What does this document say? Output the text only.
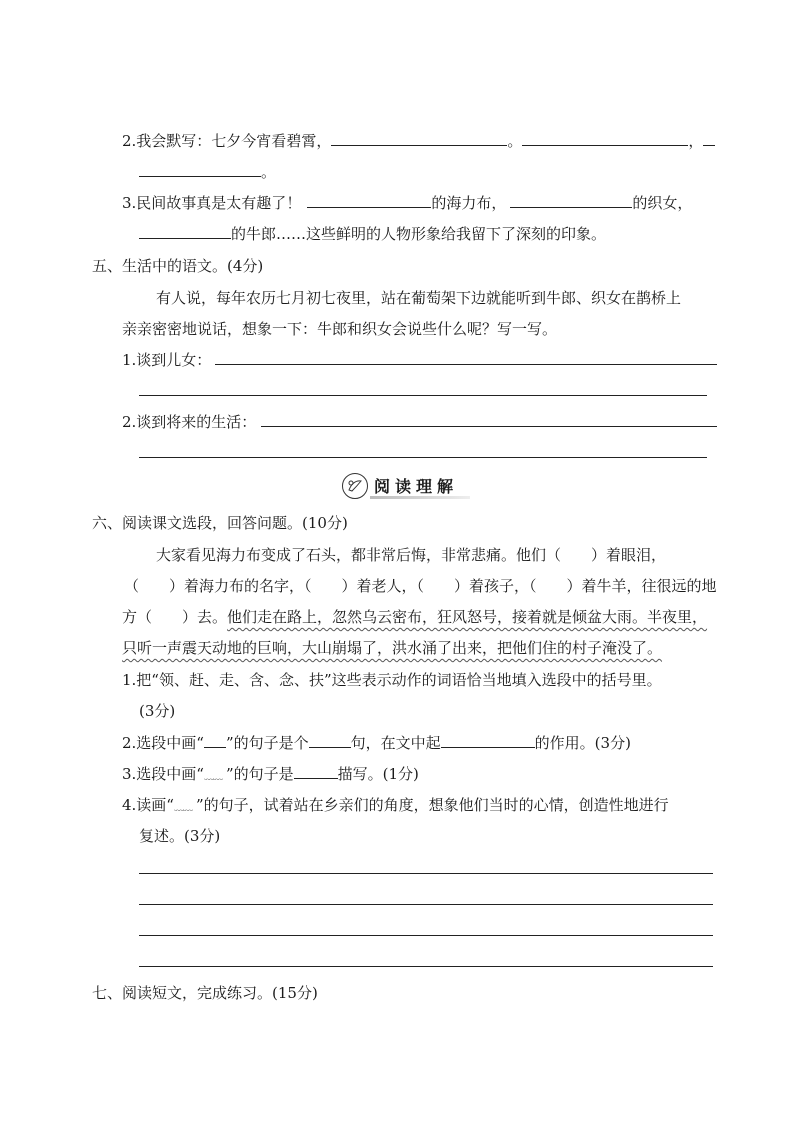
2.我会默写：七夕今宵看碧霄，	。	，
。
3.民间故事真是太有趣了！	的海力布，	的织女，
的牛郎……这些鲜明的人物形象给我留下了深刻的印象。
五、生活中的语文。(4分)
有人说，每年农历七月初七夜里，站在葡萄架下边就能听到牛郎、织女在鹊桥上
亲亲密密地说话，想象一下：牛郎和织女会说些什么呢？写一写。
1.谈到儿女：
2.谈到将来的生活：
阅读理解
六、阅读课文选段，回答问题。(10分)
大家看见海力布变成了石头，都非常后悔，非常悲痛。他们（　　）着眼泪，
（　　）着海力布的名字，（　　）着老人，（　　）着孩子，（　　）着牛羊，往很远的地
方（　　）去。他们走在路上，忽然乌云密布，狂风怒号，接着就是倾盆大雨。半夜里，
只听一声震天动地的巨响，大山崩塌了，洪水涌了出来，把他们住的村子淹没了。
1.把“领、赶、走、含、念、扶”这些表示动作的词语恰当地填入选段中的括号里。
(3分)
2.选段中画“ ”的句子是个	句，在文中起	的作用。(3分)
3.选段中画“﹏﹏ ”的句子是	描写。(1分)
4.读画“﹏﹏ ”的句子，试着站在乡亲们的角度，想象他们当时的心情，创造性地进行
复述。(3分)
七、阅读短文，完成练习。(15分)
